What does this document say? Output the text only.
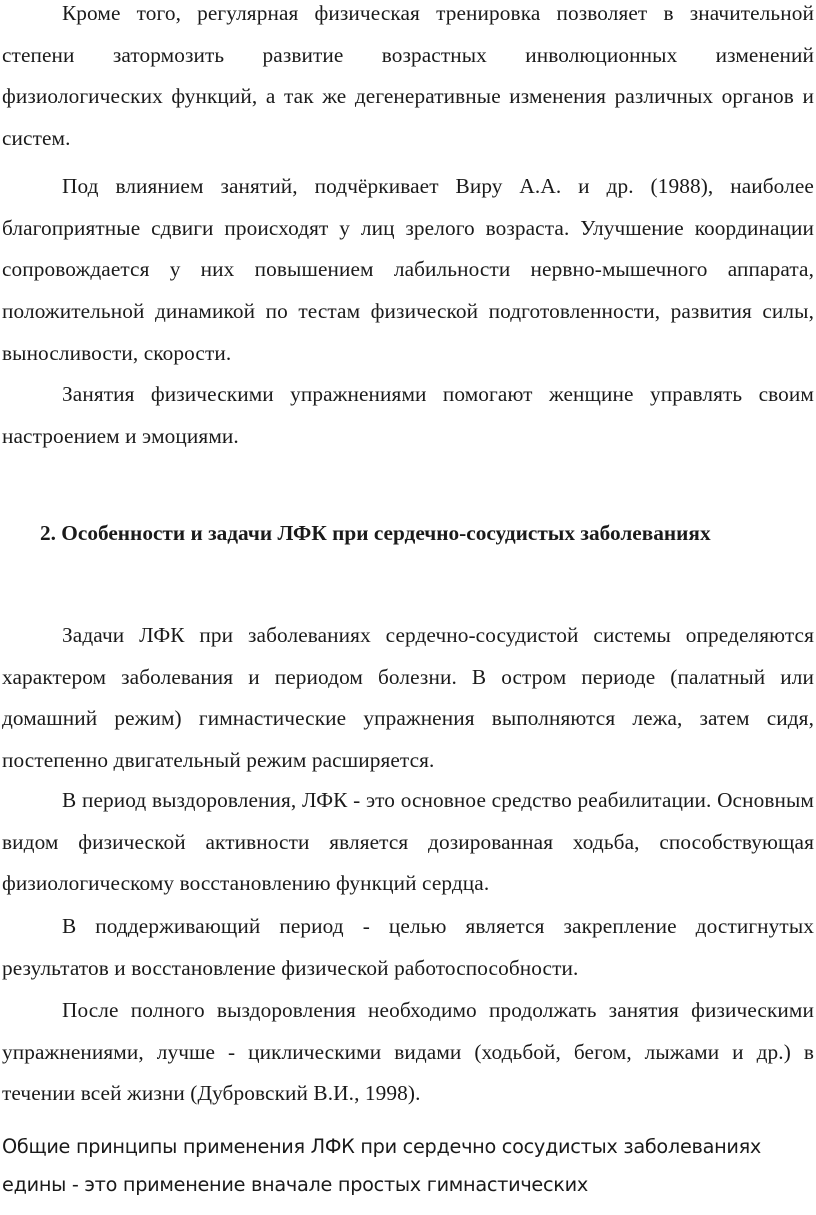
Кроме того, регулярная физическая тренировка позволяет в значительной степени затормозить развитие возрастных инволюционных изменений физиологических функций, а так же дегенеративные изменения различных органов и систем.

Под влиянием занятий, подчёркивает Виру А.А. и др. (1988), наиболее благоприятные сдвиги происходят у лиц зрелого возраста. Улучшение координации сопровождается у них повышением лабильности нервно-мышечного аппарата, положительной динамикой по тестам физической подготовленности, развития силы, выносливости, скорости.

Занятия физическими упражнениями помогают женщине управлять своим настроением и эмоциями.

2. Особенности и задачи ЛФК при сердечно-сосудистых заболеваниях

Задачи ЛФК при заболеваниях сердечно-сосудистой системы определяются характером заболевания и периодом болезни. В остром периоде (палатный или домашний режим) гимнастические упражнения выполняются лежа, затем сидя, постепенно двигательный режим расширяется.

В период выздоровления, ЛФК - это основное средство реабилитации. Основным видом физической активности является дозированная ходьба, способствующая физиологическому восстановлению функций сердца.

В поддерживающий период - целью является закрепление достигнутых результатов и восстановление физической работоспособности.

После полного выздоровления необходимо продолжать занятия физическими упражнениями, лучше - циклическими видами (ходьбой, бегом, лыжами и др.) в течении всей жизни (Дубровский В.И., 1998).

Общие принципы применения ЛФК при сердечно сосудистых заболеваниях едины - это применение вначале простых гимнастических
